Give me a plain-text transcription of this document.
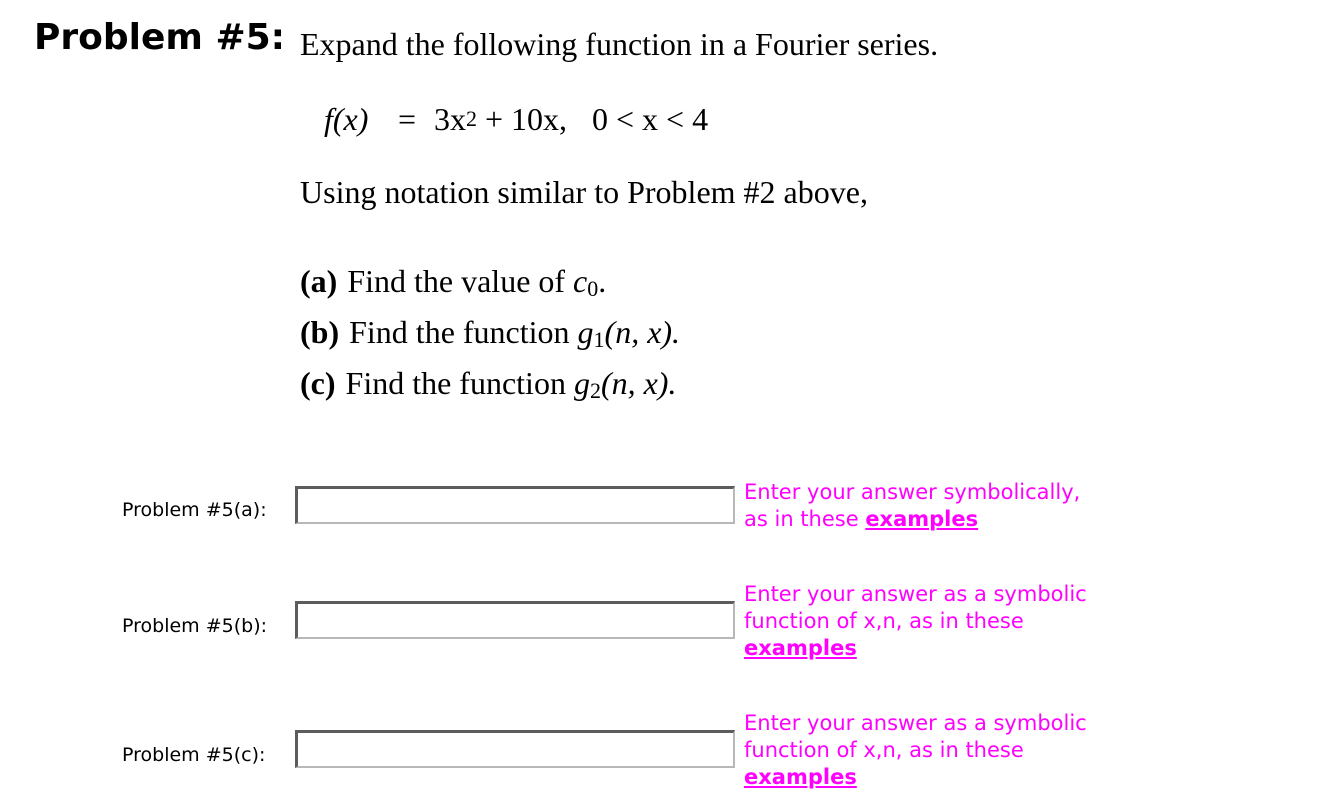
Problem #5: Expand the following function in a Fourier series.
$f(x) = 3x^2 + 10x$, 0 < x < 4
Using notation similar to Problem #2 above,
(a) Find the value of $c_0$.
(b) Find the function $g_1(n$, x).
(c) Find the function $g_2(n$, x).
Problem #5(a):
Enter your answer symbolically,
as in these examples
Problem #5(b):
Enter your answer as a symbolic
function of x,n, as in these
examples
Problem #5(c):
Enter your answer as a symbolic
function of x,n, as in these
examples
